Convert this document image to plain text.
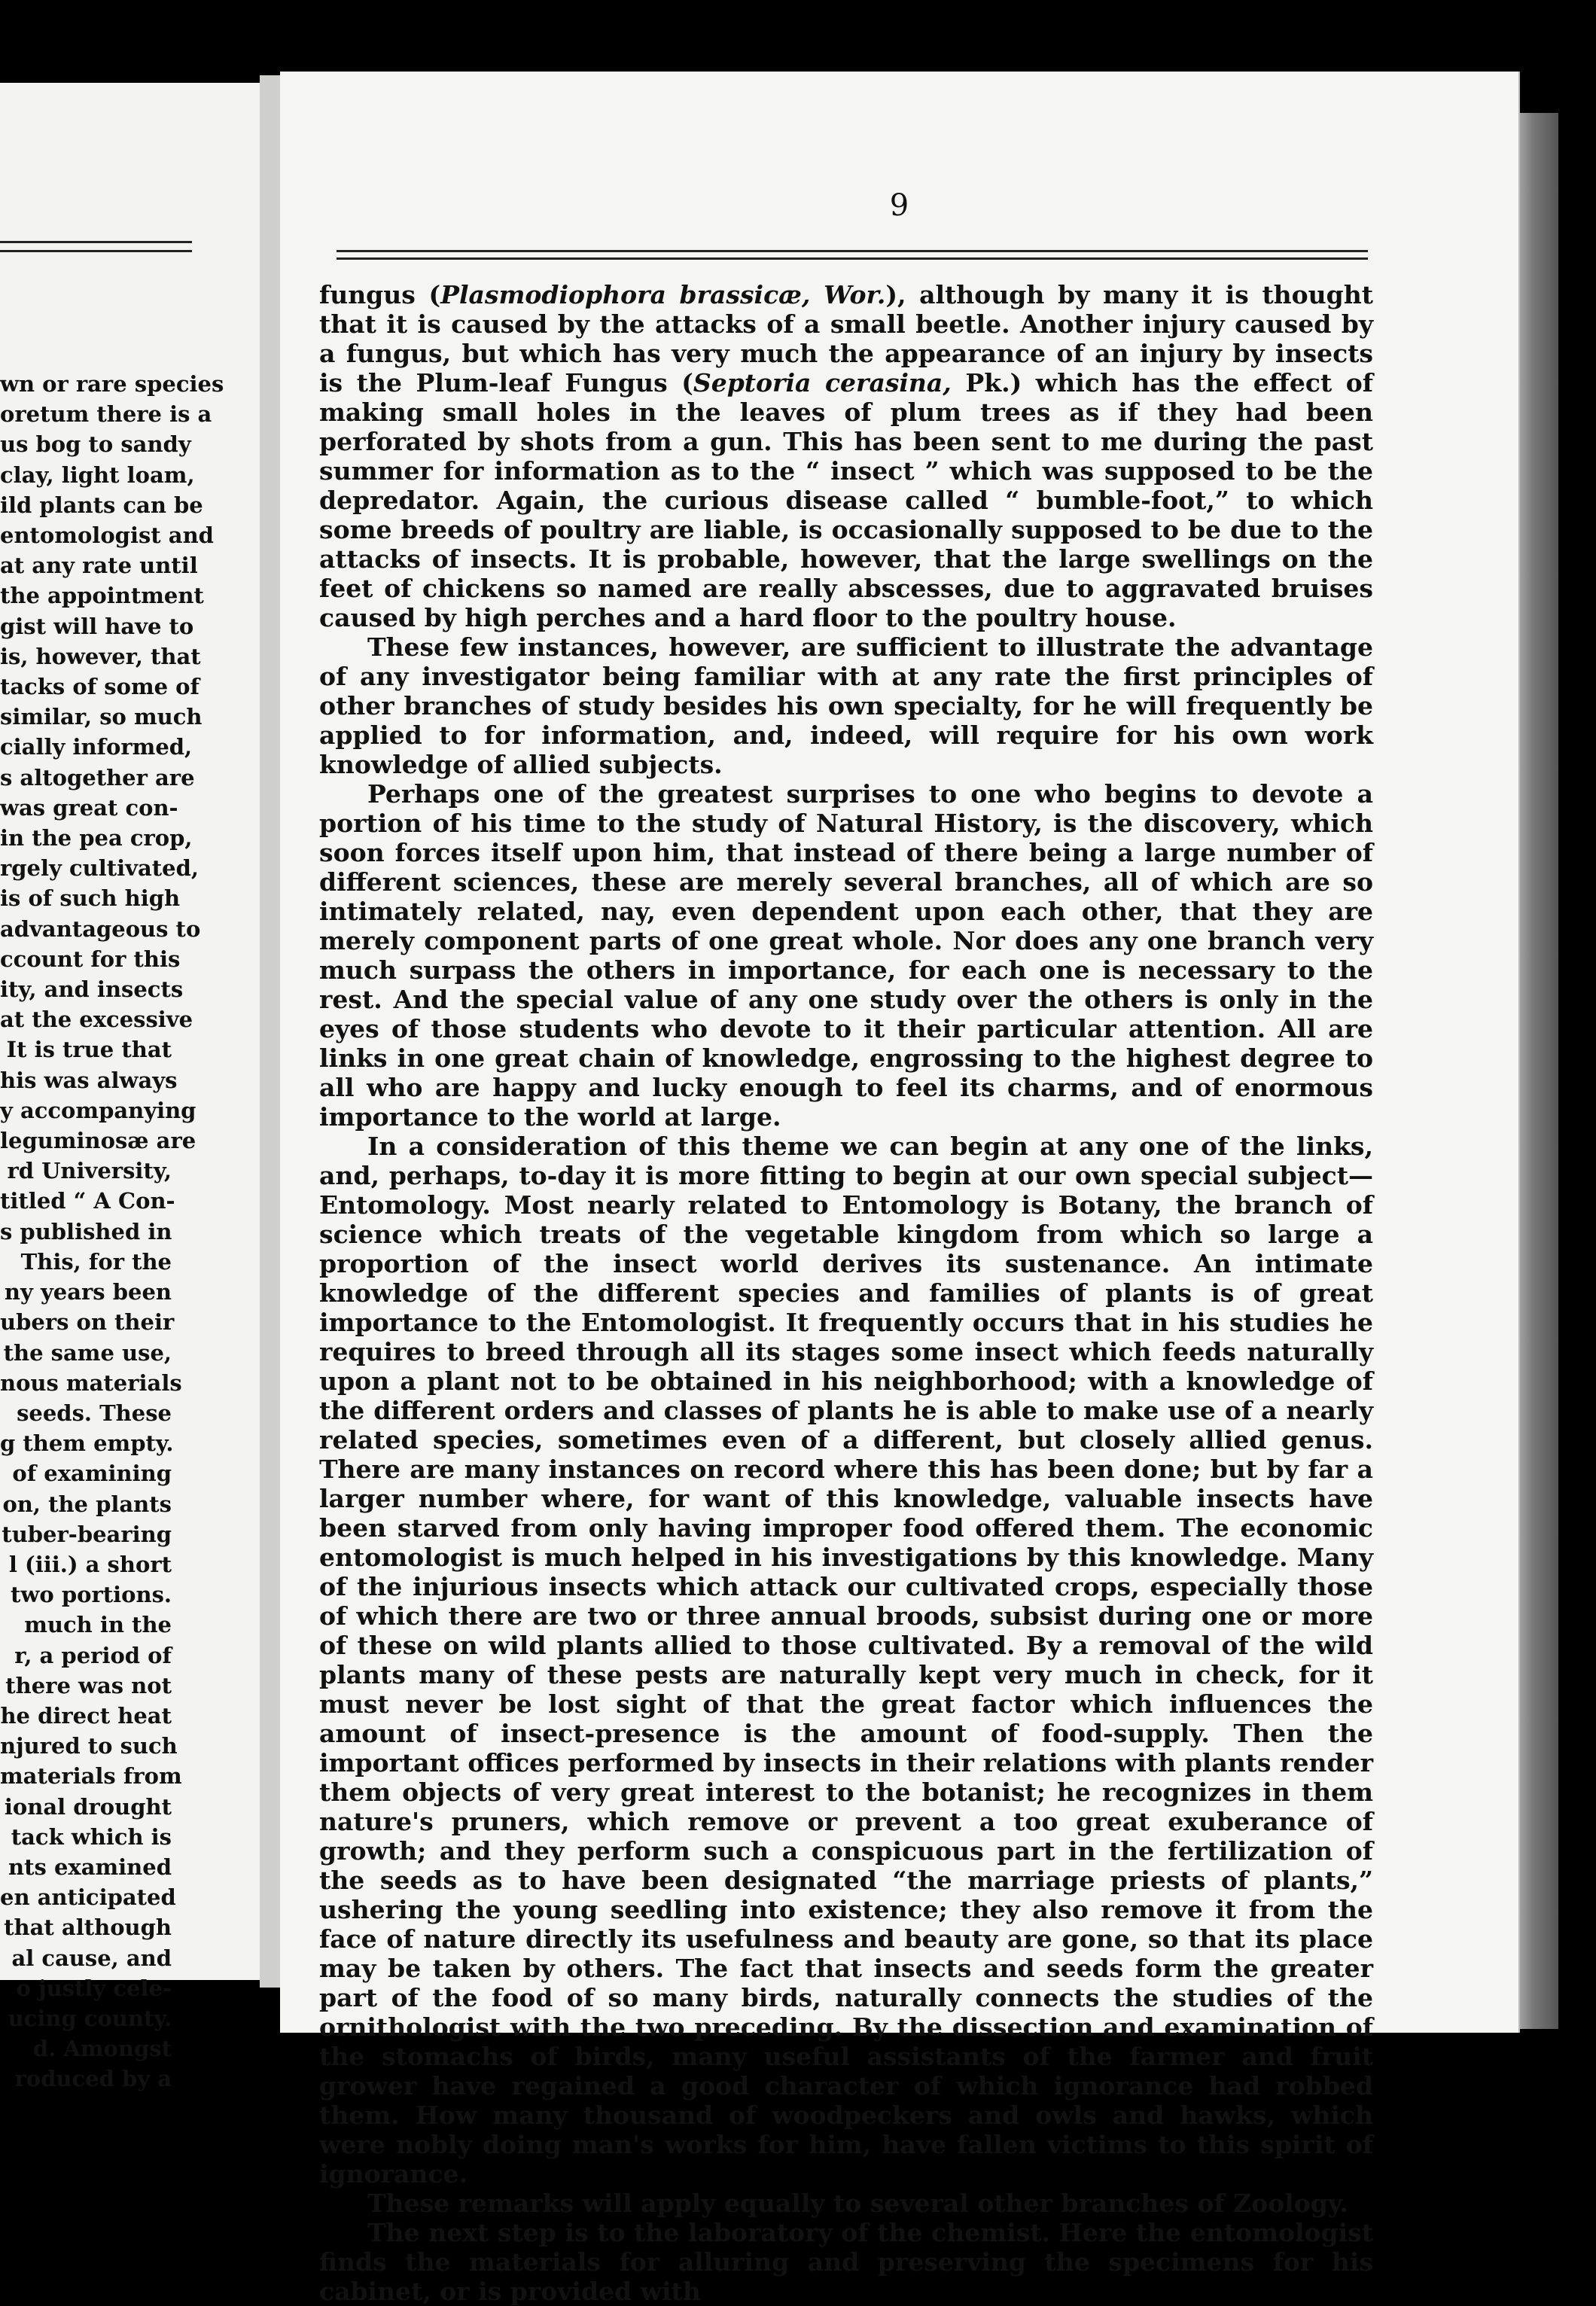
wn or rare species
oretum there is a
us bog to sandy
clay, light loam,
ild plants can be
entomologist and
at any rate until
the appointment
gist will have to
is, however, that
tacks of some of
similar, so much
cially informed,
s altogether are
was great con-
in the pea crop,
rgely cultivated,
is of such high
advantageous to
ccount for this
ity, and insects
at the excessive
It is true that
his was always
y accompanying
leguminosæ are
rd University,
titled “ A Con-
s published in
This, for the
ny years been
ubers on their
the same use,
nous materials
seeds. These
g them empty.
of examining
on, the plants
tuber-bearing
l (iii.) a short
two portions.
much in the
r, a period of
there was not
he direct heat
njured to such
materials from
ional drought
tack which is
nts examined
en anticipated
that although
al cause, and
o justly cele-
ucing county.
d. Amongst
roduced by a
9

fungus (Plasmodiophora brassicæ, Wor.), although by many it is thought that it is caused by the attacks of a small beetle. Another injury caused by a fungus, but which has very much the appearance of an injury by insects is the Plum-leaf Fungus (Septoria cerasina, Pk.) which has the effect of making small holes in the leaves of plum trees as if they had been perforated by shots from a gun. This has been sent to me during the past summer for information as to the “ insect ” which was supposed to be the depredator. Again, the curious disease called “ bumble-foot,” to which some breeds of poultry are liable, is occasionally supposed to be due to the attacks of insects. It is probable, however, that the large swellings on the feet of chickens so named are really abscesses, due to aggravated bruises caused by high perches and a hard floor to the poultry house.

These few instances, however, are sufficient to illustrate the advantage of any investigator being familiar with at any rate the first principles of other branches of study besides his own specialty, for he will frequently be applied to for information, and, indeed, will require for his own work knowledge of allied subjects.

Perhaps one of the greatest surprises to one who begins to devote a portion of his time to the study of Natural History, is the discovery, which soon forces itself upon him, that instead of there being a large number of different sciences, these are merely several branches, all of which are so intimately related, nay, even dependent upon each other, that they are merely component parts of one great whole. Nor does any one branch very much surpass the others in importance, for each one is necessary to the rest. And the special value of any one study over the others is only in the eyes of those students who devote to it their particular attention. All are links in one great chain of knowledge, engrossing to the highest degree to all who are happy and lucky enough to feel its charms, and of enormous importance to the world at large.

In a consideration of this theme we can begin at any one of the links, and, perhaps, to-day it is more fitting to begin at our own special subject—Entomology. Most nearly related to Entomology is Botany, the branch of science which treats of the vegetable kingdom from which so large a proportion of the insect world derives its sustenance. An intimate knowledge of the different species and families of plants is of great importance to the Entomologist. It frequently occurs that in his studies he requires to breed through all its stages some insect which feeds naturally upon a plant not to be obtained in his neighborhood; with a knowledge of the different orders and classes of plants he is able to make use of a nearly related species, sometimes even of a different, but closely allied genus. There are many instances on record where this has been done; but by far a larger number where, for want of this knowledge, valuable insects have been starved from only having improper food offered them. The economic entomologist is much helped in his investigations by this knowledge. Many of the injurious insects which attack our cultivated crops, especially those of which there are two or three annual broods, subsist during one or more of these on wild plants allied to those cultivated. By a removal of the wild plants many of these pests are naturally kept very much in check, for it must never be lost sight of that the great factor which influences the amount of insect-presence is the amount of food-supply. Then the important offices performed by insects in their relations with plants render them objects of very great interest to the botanist; he recognizes in them nature's pruners, which remove or prevent a too great exuberance of growth; and they perform such a conspicuous part in the fertilization of the seeds as to have been designated “the marriage priests of plants,” ushering the young seedling into existence; they also remove it from the face of nature directly its usefulness and beauty are gone, so that its place may be taken by others. The fact that insects and seeds form the greater part of the food of so many birds, naturally connects the studies of the ornithologist with the two preceding. By the dissection and examination of the stomachs of birds, many useful assistants of the farmer and fruit grower have regained a good character of which ignorance had robbed them. How many thousand of woodpeckers and owls and hawks, which were nobly doing man's works for him, have fallen victims to this spirit of ignorance.

These remarks will apply equally to several other branches of Zoology.

The next step is to the laboratory of the chemist. Here the entomologist finds the materials for alluring and preserving the specimens for his cabinet, or is provided with
